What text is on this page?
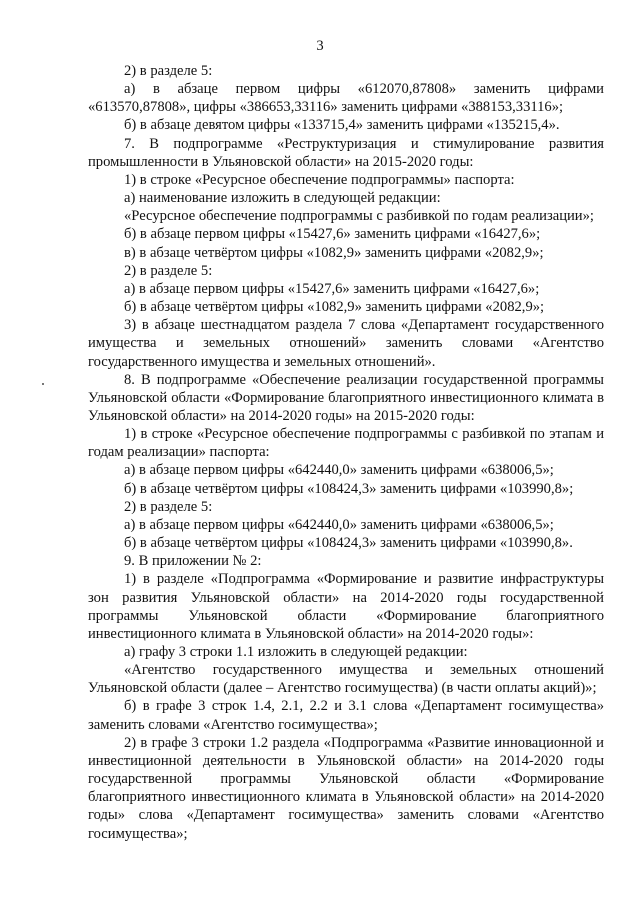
3

2) в разделе 5:

а) в абзаце первом цифры «612070,87808» заменить цифрами «613570,87808», цифры «386653,33116» заменить цифрами «388153,33116»;

б) в абзаце девятом цифры «133715,4» заменить цифрами «135215,4».

7. В подпрограмме «Реструктуризация и стимулирование развития промышленности в Ульяновской области» на 2015-2020 годы:

1) в строке «Ресурсное обеспечение подпрограммы» паспорта:

а) наименование изложить в следующей редакции:

«Ресурсное обеспечение подпрограммы с разбивкой по годам реализации»;

б) в абзаце первом цифры «15427,6» заменить цифрами «16427,6»;

в) в абзаце четвёртом цифры «1082,9» заменить цифрами «2082,9»;

2) в разделе 5:

а) в абзаце первом цифры «15427,6» заменить цифрами «16427,6»;

б) в абзаце четвёртом цифры «1082,9» заменить цифрами «2082,9»;

3) в абзаце шестнадцатом раздела 7 слова «Департамент государственного имущества и земельных отношений» заменить словами «Агентство государственного имущества и земельных отношений».

8. В подпрограмме «Обеспечение реализации государственной программы Ульяновской области «Формирование благоприятного инвестиционного климата в Ульяновской области» на 2014-2020 годы» на 2015-2020 годы:

1) в строке «Ресурсное обеспечение подпрограммы с разбивкой по этапам и годам реализации» паспорта:

а) в абзаце первом цифры «642440,0» заменить цифрами «638006,5»;

б) в абзаце четвёртом цифры «108424,3» заменить цифрами «103990,8»;

2) в разделе 5:

а) в абзаце первом цифры «642440,0» заменить цифрами «638006,5»;

б) в абзаце четвёртом цифры «108424,3» заменить цифрами «103990,8».

9. В приложении № 2:

1) в разделе «Подпрограмма «Формирование и развитие инфраструктуры зон развития Ульяновской области» на 2014-2020 годы государственной программы Ульяновской области «Формирование благоприятного инвестиционного климата в Ульяновской области» на 2014-2020 годы»:

а) графу 3 строки 1.1 изложить в следующей редакции:

«Агентство государственного имущества и земельных отношений Ульяновской области (далее – Агентство госимущества) (в части оплаты акций)»;

б) в графе 3 строк 1.4, 2.1, 2.2 и 3.1 слова «Департамент госимущества» заменить словами «Агентство госимущества»;

2) в графе 3 строки 1.2 раздела «Подпрограмма «Развитие инновационной и инвестиционной деятельности в Ульяновской области» на 2014-2020 годы государственной программы Ульяновской области «Формирование благоприятного инвестиционного климата в Ульяновской области» на 2014-2020 годы» слова «Департамент госимущества» заменить словами «Агентство госимущества»;
